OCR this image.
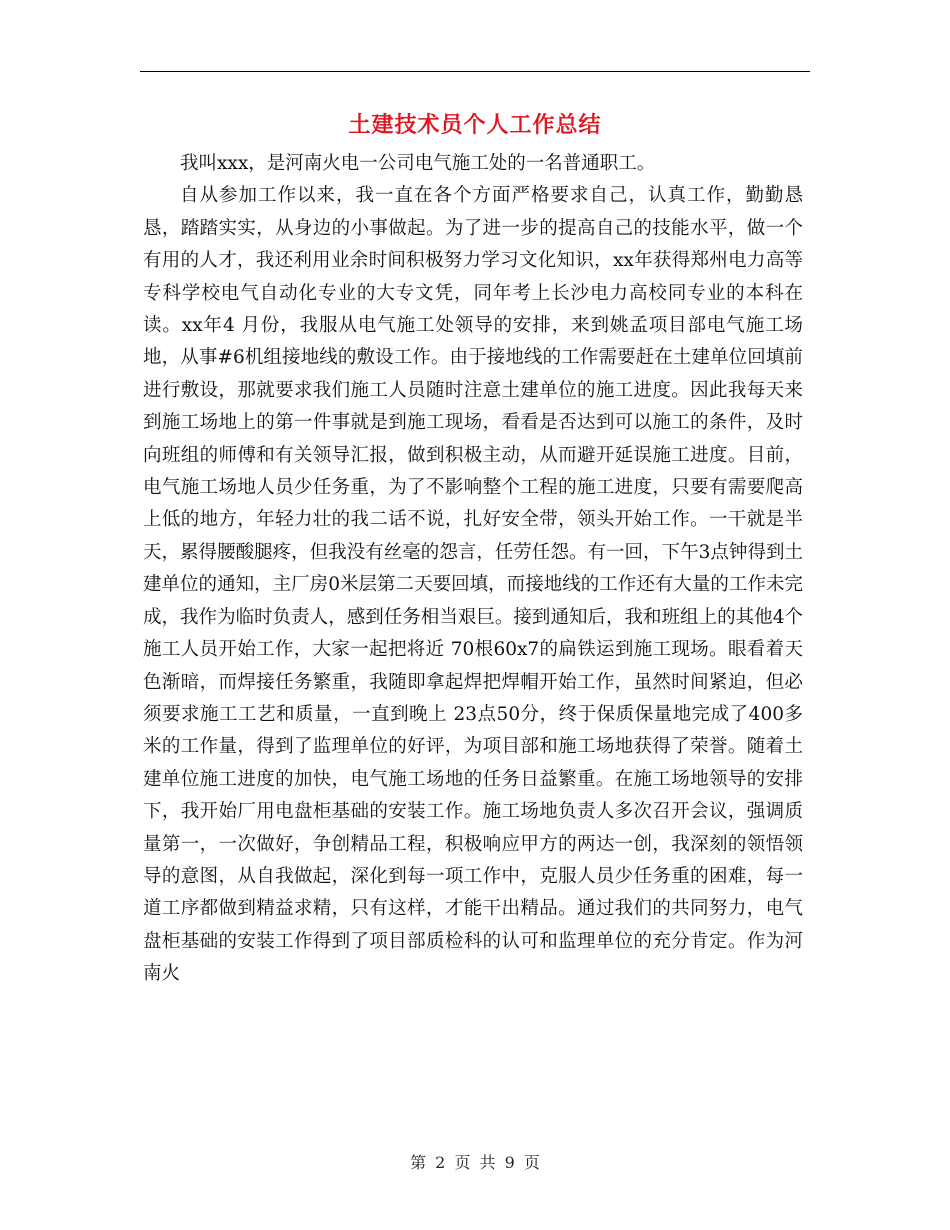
土建技术员个人工作总结

我叫xxx，是河南火电一公司电气施工处的一名普通职工。

自从参加工作以来，我一直在各个方面严格要求自己，认真工作，勤勤恳恳，踏踏实实，从身边的小事做起。为了进一步的提高自己的技能水平，做一个有用的人才，我还利用业余时间积极努力学习文化知识，xx年获得郑州电力高等专科学校电气自动化专业的大专文凭，同年考上长沙电力高校同专业的本科在读。xx年4 月份，我服从电气施工处领导的安排，来到姚孟项目部电气施工场地，从事#6机组接地线的敷设工作。由于接地线的工作需要赶在土建单位回填前进行敷设，那就要求我们施工人员随时注意土建单位的施工进度。因此我每天来到施工场地上的第一件事就是到施工现场，看看是否达到可以施工的条件，及时向班组的师傅和有关领导汇报，做到积极主动，从而避开延误施工进度。目前，电气施工场地人员少任务重，为了不影响整个工程的施工进度，只要有需要爬高上低的地方，年轻力壮的我二话不说，扎好安全带，领头开始工作。一干就是半天，累得腰酸腿疼，但我没有丝毫的怨言，任劳任怨。有一回，下午3点钟得到土建单位的通知，主厂房0米层第二天要回填，而接地线的工作还有大量的工作未完成，我作为临时负责人，感到任务相当艰巨。接到通知后，我和班组上的其他4个施工人员开始工作，大家一起把将近 70根60x7的扁铁运到施工现场。眼看着天色渐暗，而焊接任务繁重，我随即拿起焊把焊帽开始工作，虽然时间紧迫，但必须要求施工工艺和质量，一直到晚上 23点50分，终于保质保量地完成了400多米的工作量，得到了监理单位的好评，为项目部和施工场地获得了荣誉。随着土建单位施工进度的加快，电气施工场地的任务日益繁重。在施工场地领导的安排下，我开始厂用电盘柜基础的安装工作。施工场地负责人多次召开会议，强调质量第一，一次做好，争创精品工程，积极响应甲方的两达一创，我深刻的领悟领导的意图，从自我做起，深化到每一项工作中，克服人员少任务重的困难，每一道工序都做到精益求精，只有这样，才能干出精品。通过我们的共同努力，电气盘柜基础的安装工作得到了项目部质检科的认可和监理单位的充分肯定。作为河南火

第 2 页 共 9 页
